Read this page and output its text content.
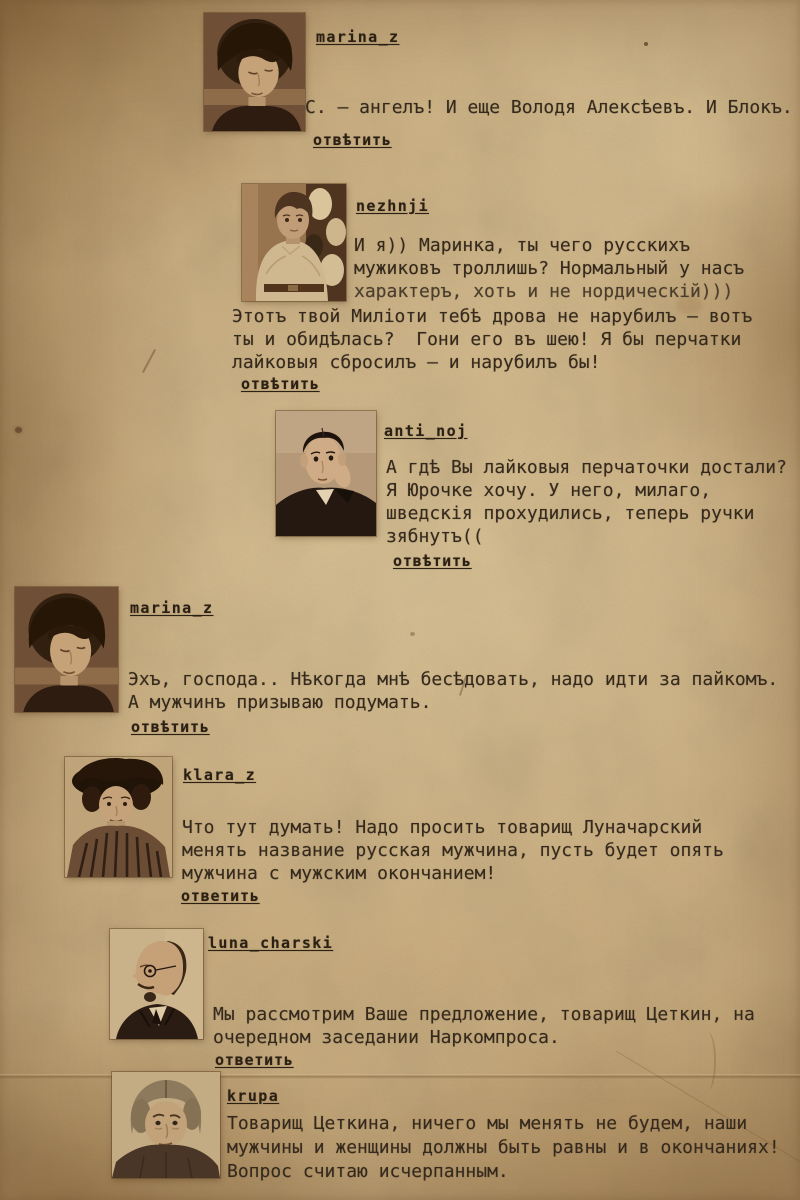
marina_z
С. — ангелъ! И еще Володя Алексѣевъ. И Блокъ.
отвѣтить
nezhnji
И я)) Маринка, ты чего русскихъ
мужиковъ троллишь? Нормальный у насъ
характеръ, хоть и не нордическій)))
Этотъ твой Миліоти тебѣ дрова не нарубилъ — вотъ
ты и обидѣлась?  Гони его въ шею! Я бы перчатки
лайковыя сбросилъ — и нарубилъ бы!
отвѣтить
anti_noj
А гдѣ Вы лайковыя перчаточки достали?
Я Юрочке хочу. У него, милаго,
шведскія прохудились, теперь ручки
зябнутъ((
отвѣтить
marina_z
Эхъ, господа.. Нѣкогда мнѣ бесѣдовать, надо идти за пайкомъ.
А мужчинъ призываю подумать.
отвѣтить
klara_z
Что тут думать! Надо просить товарищ Луначарский
менять название русская мужчина, пусть будет опять
мужчина с мужским окончанием!
ответить
luna_charski
Мы рассмотрим Ваше предложение, товарищ Цеткин, на
очередном заседании Наркомпроса.
ответить
krupa
Товарищ Цеткина, ничего мы менять не будем, наши
мужчины и женщины должны быть равны и в окончаниях!
Вопрос считаю исчерпанным.
